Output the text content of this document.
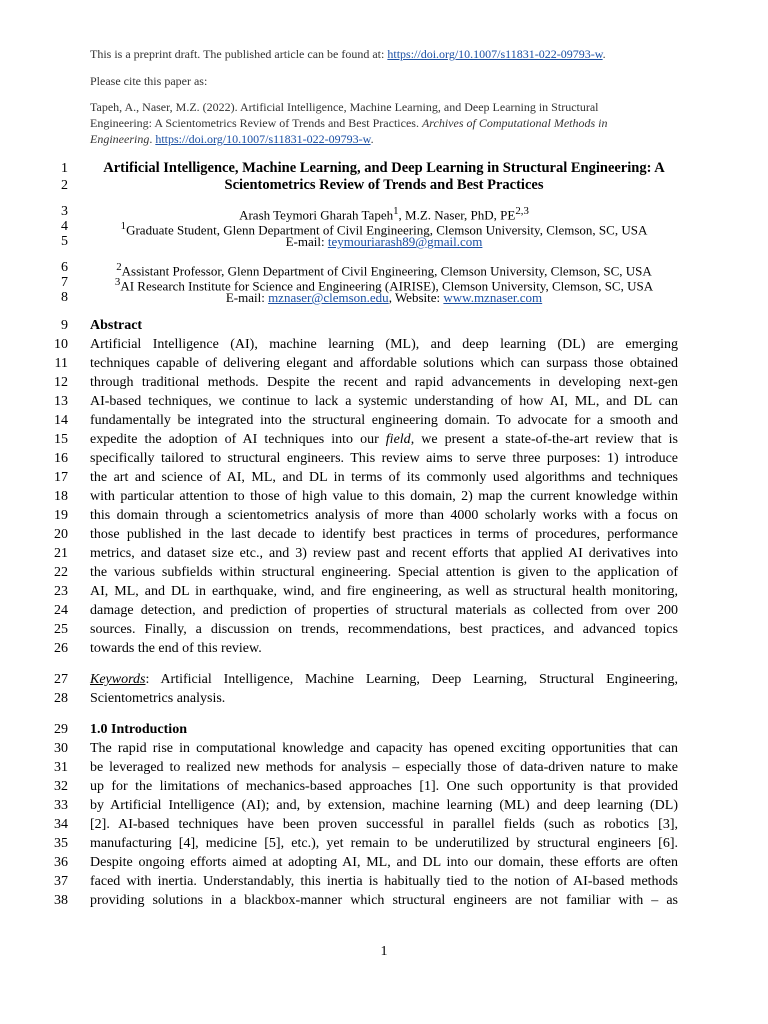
This is a preprint draft. The published article can be found at: https://doi.org/10.1007/s11831-022-09793-w.
Please cite this paper as:
Tapeh, A., Naser, M.Z. (2022). Artificial Intelligence, Machine Learning, and Deep Learning in Structural
Engineering: A Scientometrics Review of Trends and Best Practices. Archives of Computational Methods in
Engineering. https://doi.org/10.1007/s11831-022-09793-w.
1
2
3
4
5
6
7
8
9
10
11
12
13
14
15
16
17
18
19
20
21
22
23
24
25
26
27
28
29
30
31
32
33
34
35
36
37
38
Artificial Intelligence, Machine Learning, and Deep Learning in Structural Engineering: A
Scientometrics Review of Trends and Best Practices
Arash Teymori Gharah Tapeh$^1$, M.Z. Naser, PhD, PE$^{2,3}$
$^1$Graduate Student, Glenn Department of Civil Engineering, Clemson University, Clemson, SC, USA
E-mail: teymouriarash89@gmail.com
$^2$Assistant Professor, Glenn Department of Civil Engineering, Clemson University, Clemson, SC, USA
$^3$AI Research Institute for Science and Engineering (AIRISE), Clemson University, Clemson, SC, USA
E-mail: mznaser@clemson.edu, Website: www.mznaser.com
Abstract
Artificial Intelligence (AI), machine learning (ML), and deep learning (DL) are emerging
techniques capable of delivering elegant and affordable solutions which can surpass those obtained
through traditional methods. Despite the recent and rapid advancements in developing next-gen
AI-based techniques, we continue to lack a systemic understanding of how AI, ML, and DL can
fundamentally be integrated into the structural engineering domain. To advocate for a smooth and
expedite the adoption of AI techniques into our field, we present a state-of-the-art review that is
specifically tailored to structural engineers. This review aims to serve three purposes: 1) introduce
the art and science of AI, ML, and DL in terms of its commonly used algorithms and techniques
with particular attention to those of high value to this domain, 2) map the current knowledge within
this domain through a scientometrics analysis of more than 4000 scholarly works with a focus on
those published in the last decade to identify best practices in terms of procedures, performance
metrics, and dataset size etc., and 3) review past and recent efforts that applied AI derivatives into
the various subfields within structural engineering. Special attention is given to the application of
AI, ML, and DL in earthquake, wind, and fire engineering, as well as structural health monitoring,
damage detection, and prediction of properties of structural materials as collected from over 200
sources. Finally, a discussion on trends, recommendations, best practices, and advanced topics
towards the end of this review.
Keywords: Artificial Intelligence, Machine Learning, Deep Learning, Structural Engineering,
Scientometrics analysis.
1.0 Introduction
The rapid rise in computational knowledge and capacity has opened exciting opportunities that can
be leveraged to realized new methods for analysis – especially those of data-driven nature to make
up for the limitations of mechanics-based approaches [1]. One such opportunity is that provided
by Artificial Intelligence (AI); and, by extension, machine learning (ML) and deep learning (DL)
[2]. AI-based techniques have been proven successful in parallel fields (such as robotics [3],
manufacturing [4], medicine [5], etc.), yet remain to be underutilized by structural engineers [6].
Despite ongoing efforts aimed at adopting AI, ML, and DL into our domain, these efforts are often
faced with inertia. Understandably, this inertia is habitually tied to the notion of AI-based methods
providing solutions in a blackbox-manner which structural engineers are not familiar with – as
1
